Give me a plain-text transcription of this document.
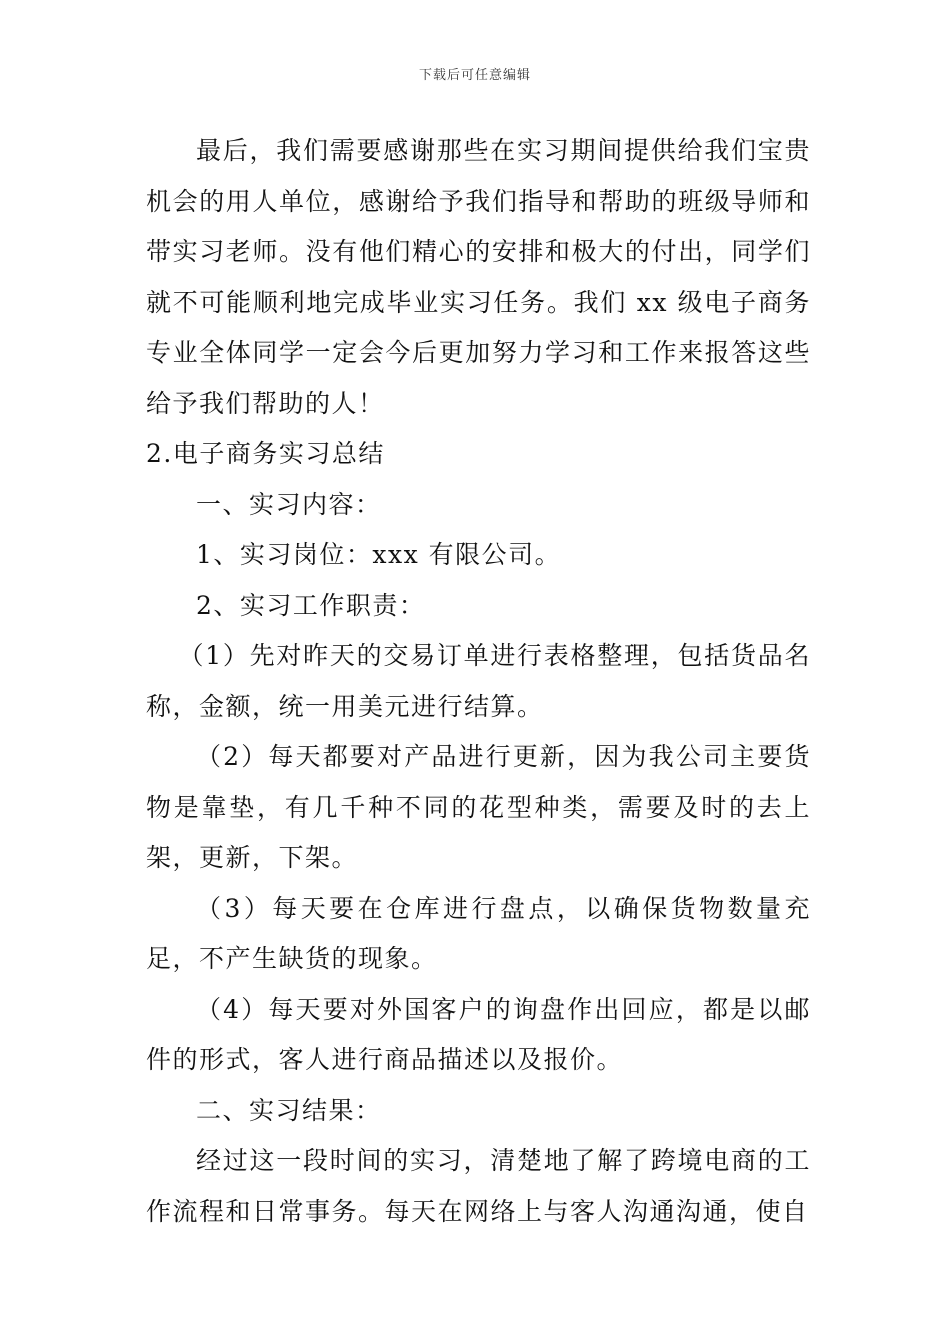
下载后可任意编辑

最后，我们需要感谢那些在实习期间提供给我们宝贵机会的用人单位，感谢给予我们指导和帮助的班级导师和带实习老师。没有他们精心的安排和极大的付出，同学们就不可能顺利地完成毕业实习任务。我们 xx 级电子商务专业全体同学一定会今后更加努力学习和工作来报答这些给予我们帮助的人！

2.电子商务实习总结

一、实习内容：

1、实习岗位：xxx 有限公司。

2、实习工作职责：

（1）先对昨天的交易订单进行表格整理，包括货品名称，金额，统一用美元进行结算。

（2）每天都要对产品进行更新，因为我公司主要货物是靠垫，有几千种不同的花型种类，需要及时的去上架，更新，下架。

（3）每天要在仓库进行盘点，以确保货物数量充足，不产生缺货的现象。

（4）每天要对外国客户的询盘作出回应，都是以邮件的形式，客人进行商品描述以及报价。

二、实习结果：

经过这一段时间的实习，清楚地了解了跨境电商的工作流程和日常事务。每天在网络上与客人沟通沟通，使自
